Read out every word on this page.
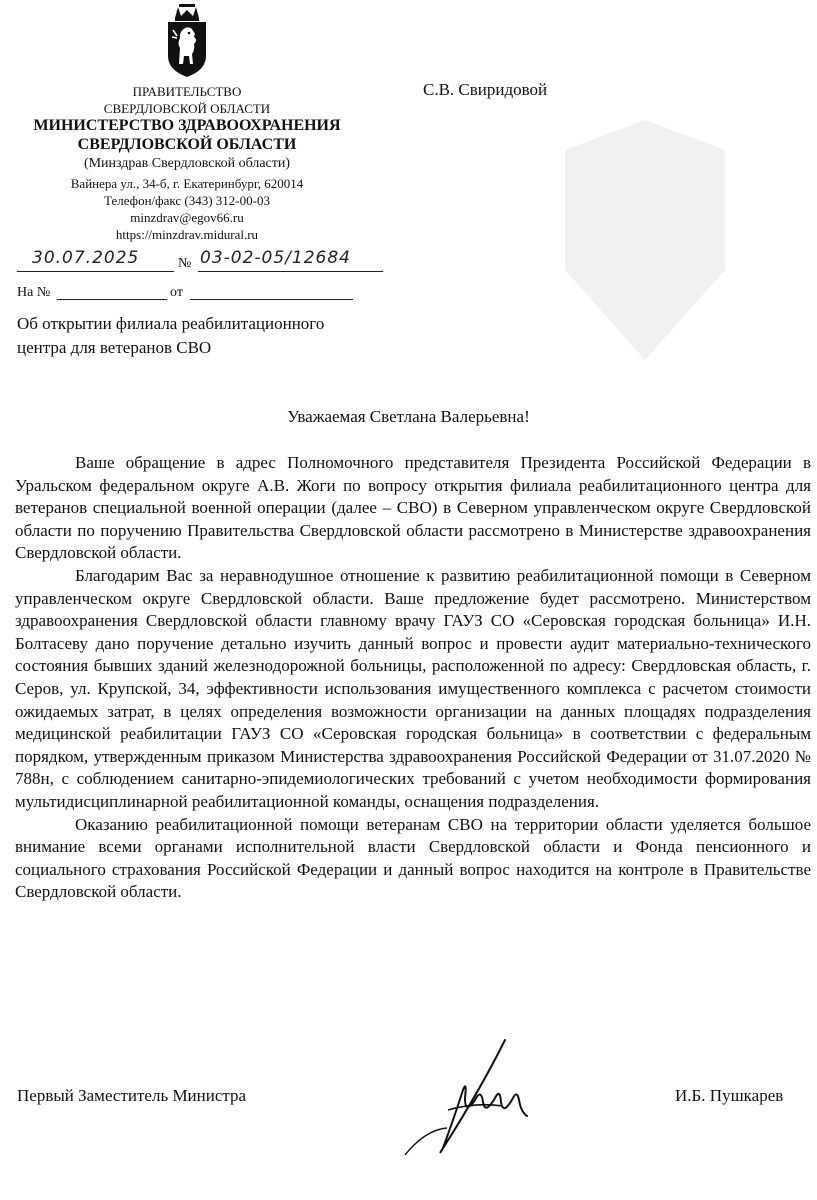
ПРАВИТЕЛЬСТВО
СВЕРДЛОВСКОЙ ОБЛАСТИ
МИНИСТЕРСТВО ЗДРАВООХРАНЕНИЯ
СВЕРДЛОВСКОЙ ОБЛАСТИ
(Минздрав Свердловской области)
Вайнера ул., 34-б, г. Екатеринбург, 620014
Телефон/факс (343) 312-00-03
minzdrav@egov66.ru
https://minzdrav.midural.ru
30.07.2025	№ 03-02-05/12684
На №	от
С.В. Свиридовой
Об открытии филиала реабилитационного
центра для ветеранов СВО
Уважаемая Светлана Валерьевна!

Ваше обращение в адрес Полномочного представителя Президента Российской Федерации в Уральском федеральном округе А.В. Жоги по вопросу открытия филиала реабилитационного центра для ветеранов специальной военной операции (далее – СВО) в Северном управленческом округе Свердловской области по поручению Правительства Свердловской области рассмотрено в Министерстве здравоохранения Свердловской области.

Благодарим Вас за неравнодушное отношение к развитию реабилитационной помощи в Северном управленческом округе Свердловской области. Ваше предложение будет рассмотрено. Министерством здравоохранения Свердловской области главному врачу ГАУЗ СО «Серовская городская больница» И.Н. Болтасеву дано поручение детально изучить данный вопрос и провести аудит материально-технического состояния бывших зданий железнодорожной больницы, расположенной по адресу: Свердловская область, г. Серов, ул. Крупской, 34, эффективности использования имущественного комплекса с расчетом стоимости ожидаемых затрат, в целях определения возможности организации на данных площадях подразделения медицинской реабилитации ГАУЗ СО «Серовская городская больница» в соответствии с федеральным порядком, утвержденным приказом Министерства здравоохранения Российской Федерации от 31.07.2020 № 788н, с соблюдением санитарно-эпидемиологических требований с учетом необходимости формирования мультидисциплинарной реабилитационной команды, оснащения подразделения.

Оказанию реабилитационной помощи ветеранам СВО на территории области уделяется большое внимание всеми органами исполнительной власти Свердловской области и Фонда пенсионного и социального страхования Российской Федерации и данный вопрос находится на контроле в Правительстве Свердловской области.

Первый Заместитель Министра	И.Б. Пушкарев
